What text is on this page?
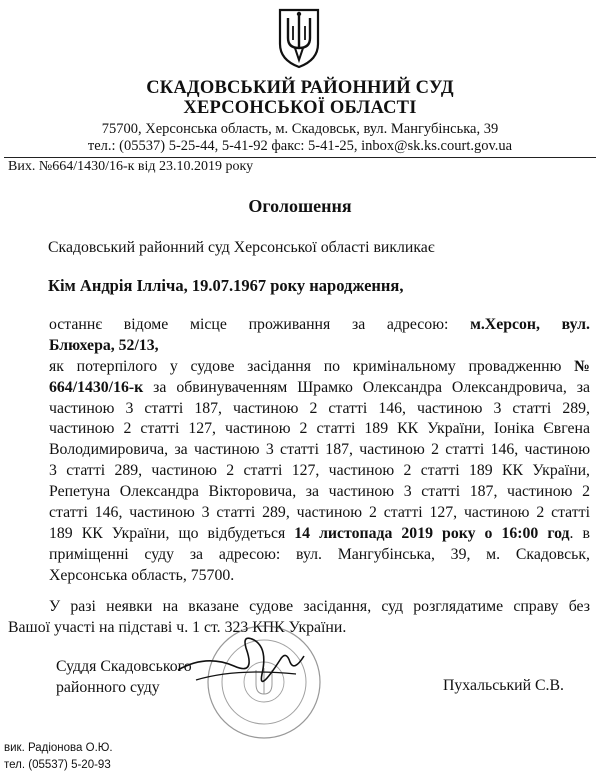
СКАДОВСЬКИЙ РАЙОННИЙ СУД
ХЕРСОНСЬКОЇ ОБЛАСТІ
75700, Херсонська область, м. Скадовськ, вул. Мангубінська, 39
тел.: (05537) 5-25-44, 5-41-92 факс: 5-41-25, inbox@sk.ks.court.gov.ua
Вих. №664/1430/16-к від 23.10.2019 року
Оголошення
Скадовський районний суд Херсонської області викликає
Кім Андрія Ілліча, 19.07.1967 року народження,
останнє відоме місце проживання за адресою: м.Херсон, вул.
Блюхера, 52/13,
як потерпілого у судове засідання по кримінальному провадженню №
664/1430/16-к за обвинуваченням Шрамко Олександра Олександровича, за
частиною 3 статті 187, частиною 2 статті 146, частиною 3 статті 289,
частиною 2 статті 127, частиною 2 статті 189 КК України, Іоніка Євгена
Володимировича, за частиною 3 статті 187, частиною 2 статті 146, частиною
3 статті 289, частиною 2 статті 127, частиною 2 статті 189 КК України,
Репетуна Олександра Вікторовича, за частиною 3 статті 187, частиною 2
статті 146, частиною 3 статті 289, частиною 2 статті 127, частиною 2 статті
189 КК України, що відбудеться 14 листопада 2019 року о 16:00 год. в
приміщенні суду за адресою: вул. Мангубінська, 39, м. Скадовськ,
Херсонська область, 75700.
У разі неявки на вказане судове засідання, суд розглядатиме справу без
Вашої участі на підставі ч. 1 ст. 323 КПК України.
Суддя Скадовського
районного суду	Пухальський С.В.
вик. Радіонова О.Ю.
тел. (05537) 5-20-93
